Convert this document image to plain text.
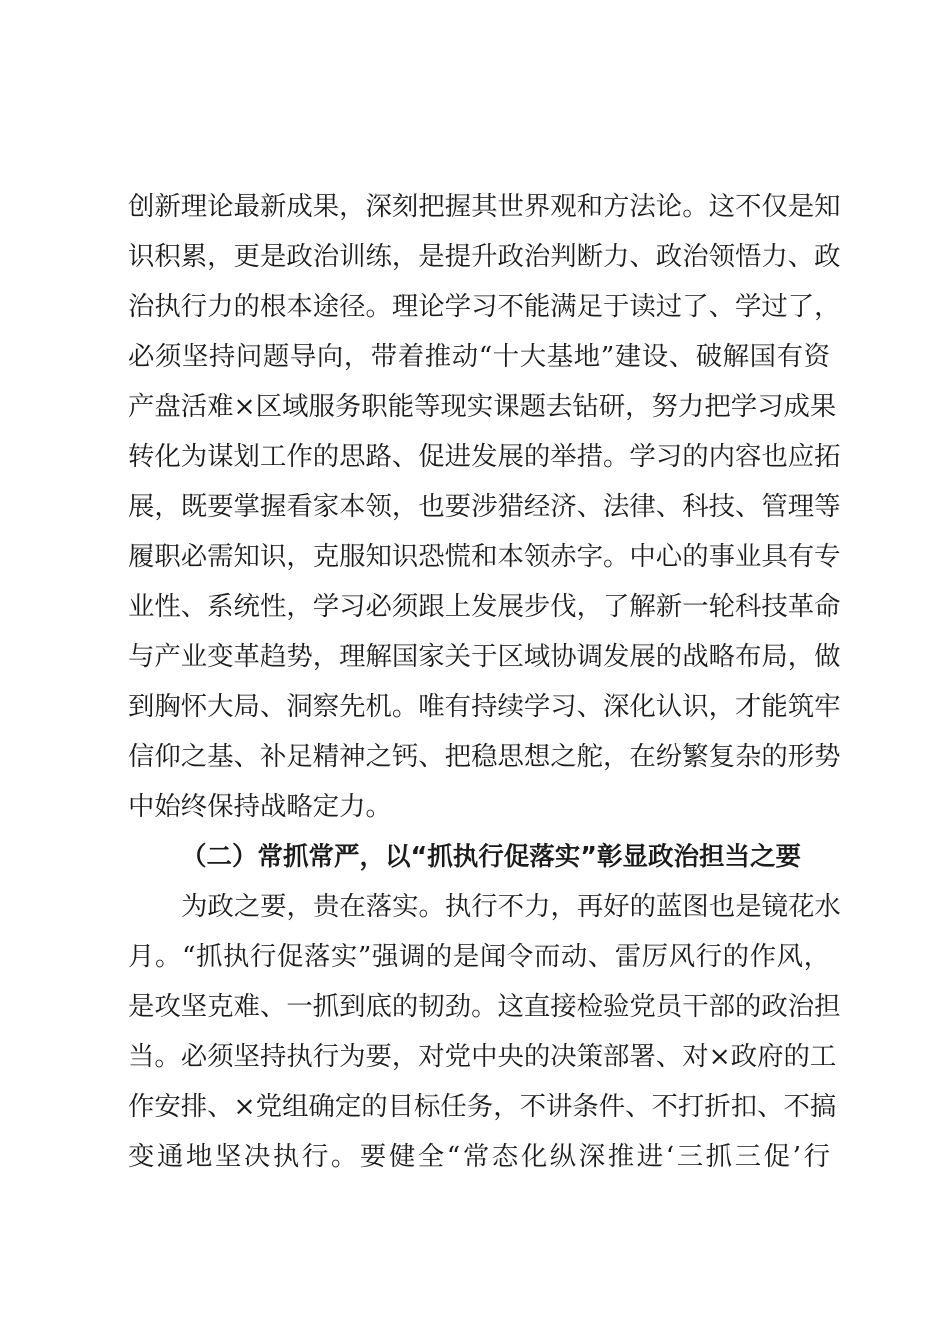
创新理论最新成果，深刻把握其世界观和方法论。这不仅是知
识积累，更是政治训练，是提升政治判断力、政治领悟力、政
治执行力的根本途径。理论学习不能满足于读过了、学过了，
必须坚持问题导向，带着推动“十大基地”建设、破解国有资
产盘活难×区域服务职能等现实课题去钻研，努力把学习成果
转化为谋划工作的思路、促进发展的举措。学习的内容也应拓
展，既要掌握看家本领，也要涉猎经济、法律、科技、管理等
履职必需知识，克服知识恐慌和本领赤字。中心的事业具有专
业性、系统性，学习必须跟上发展步伐，了解新一轮科技革命
与产业变革趋势，理解国家关于区域协调发展的战略布局，做
到胸怀大局、洞察先机。唯有持续学习、深化认识，才能筑牢
信仰之基、补足精神之钙、把稳思想之舵，在纷繁复杂的形势
中始终保持战略定力。
（二）常抓常严，以“抓执行促落实”彰显政治担当之要
为政之要，贵在落实。执行不力，再好的蓝图也是镜花水
月。“抓执行促落实”强调的是闻令而动、雷厉风行的作风，
是攻坚克难、一抓到底的韧劲。这直接检验党员干部的政治担
当。必须坚持执行为要，对党中央的决策部署、对×政府的工
作安排、×党组确定的目标任务，不讲条件、不打折扣、不搞
变通地坚决执行。要健全“常态化纵深推进‘三抓三促’行
